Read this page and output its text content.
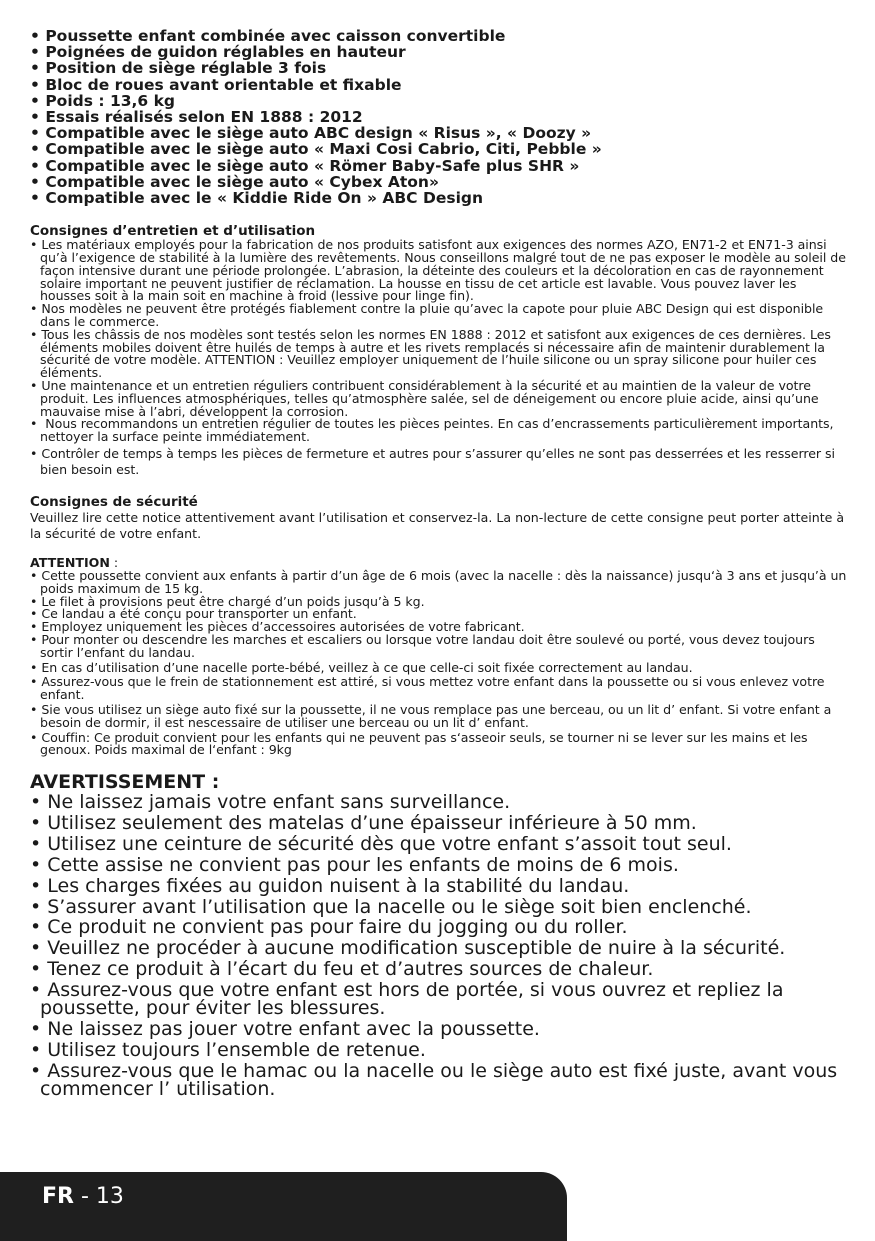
• Poussette enfant combinée avec caisson convertible
• Poignées de guidon réglables en hauteur
• Position de siège réglable 3 fois
• Bloc de roues avant orientable et fixable
• Poids : 13,6 kg
• Essais réalisés selon EN 1888 : 2012
• Compatible avec le siège auto ABC design « Risus », « Doozy »
• Compatible avec le siège auto « Maxi Cosi Cabrio, Citi, Pebble »
• Compatible avec le siège auto « Römer Baby-Safe plus SHR »
• Compatible avec le siège auto « Cybex Aton»
• Compatible avec le « Kiddie Ride On » ABC Design

Consignes d’entretien et d’utilisation

• Les matériaux employés pour la fabrication de nos produits satisfont aux exigences des normes AZO, EN71-2 et EN71-3 ainsi qu’à l’exigence de stabilité à la lumière des revêtements. Nous conseillons malgré tout de ne pas exposer le modèle au soleil de façon intensive durant une période prolongée. L’abrasion, la déteinte des couleurs et la décoloration en cas de rayonnement solaire important ne peuvent justifier de réclamation. La housse en tissu de cet article est lavable. Vous pouvez laver les housses soit à la main soit en machine à froid (lessive pour linge fin).
• Nos modèles ne peuvent être protégés fiablement contre la pluie qu’avec la capote pour pluie ABC Design qui est disponible dans le commerce.
• Tous les châssis de nos modèles sont testés selon les normes EN 1888 : 2012 et satisfont aux exigences de ces dernières. Les éléments mobiles doivent être huilés de temps à autre et les rivets remplacés si nécessaire afin de maintenir durablement la sécurité de votre modèle. ATTENTION : Veuillez employer uniquement de l’huile silicone ou un spray silicone pour huiler ces éléments.
• Une maintenance et un entretien réguliers contribuent considérablement à la sécurité et au maintien de la valeur de votre produit. Les influences atmosphériques, telles qu’atmosphère salée, sel de déneigement ou encore pluie acide, ainsi qu’une mauvaise mise à l’abri, développent la corrosion.
•  Nous recommandons un entretien régulier de toutes les pièces peintes. En cas d’encrassements particulièrement importants, nettoyer la surface peinte immédiatement.
• Contrôler de temps à temps les pièces de fermeture et autres pour s’assurer qu’elles ne sont pas desserrées et les resserrer si bien besoin est.

Consignes de sécurité

Veuillez lire cette notice attentivement avant l’utilisation et conservez-la. La non-lecture de cette consigne peut porter atteinte à la sécurité de votre enfant.

ATTENTION :

• Cette poussette convient aux enfants à partir d’un âge de 6 mois (avec la nacelle : dès la naissance) jusqu‘à 3 ans et jusqu’à un poids maximum de 15 kg.
• Le filet à provisions peut être chargé d’un poids jusqu’à 5 kg.
• Ce landau a été conçu pour transporter un enfant.
• Employez uniquement les pièces d’accessoires autorisées de votre fabricant.
• Pour monter ou descendre les marches et escaliers ou lorsque votre landau doit être soulevé ou porté, vous devez toujours sortir l’enfant du landau.
• En cas d’utilisation d’une nacelle porte-bébé, veillez à ce que celle-ci soit fixée correctement au landau.
• Assurez-vous que le frein de stationnement est attiré, si vous mettez votre enfant dans la poussette ou si vous enlevez votre enfant.
• Sie vous utilisez un siège auto fixé sur la poussette, il ne vous remplace pas une berceau, ou un lit d’ enfant. Si votre enfant a besoin de dormir, il est nescessaire de utiliser une berceau ou un lit d’ enfant.
• Couffin: Ce produit convient pour les enfants qui ne peuvent pas s‘asseoir seuls, se tourner ni se lever sur les mains et les genoux. Poids maximal de l‘enfant : 9kg

AVERTISSEMENT :

• Ne laissez jamais votre enfant sans surveillance.
• Utilisez seulement des matelas d’une épaisseur inférieure à 50 mm.
• Utilisez une ceinture de sécurité dès que votre enfant s’assoit tout seul.
• Cette assise ne convient pas pour les enfants de moins de 6 mois.
• Les charges fixées au guidon nuisent à la stabilité du landau.
• S’assurer avant l’utilisation que la nacelle ou le siège soit bien enclenché.
• Ce produit ne convient pas pour faire du jogging ou du roller.
• Veuillez ne procéder à aucune modification susceptible de nuire à la sécurité.
• Tenez ce produit à l’écart du feu et d’autres sources de chaleur.
• Assurez-vous que votre enfant est hors de portée, si vous ouvrez et repliez la poussette, pour éviter les blessures.
• Ne laissez pas jouer votre enfant avec la poussette.
• Utilisez toujours l’ensemble de retenue.
• Assurez-vous que le hamac ou la nacelle ou le siège auto est fixé juste, avant vous commencer l’ utilisation.
FR - 13
